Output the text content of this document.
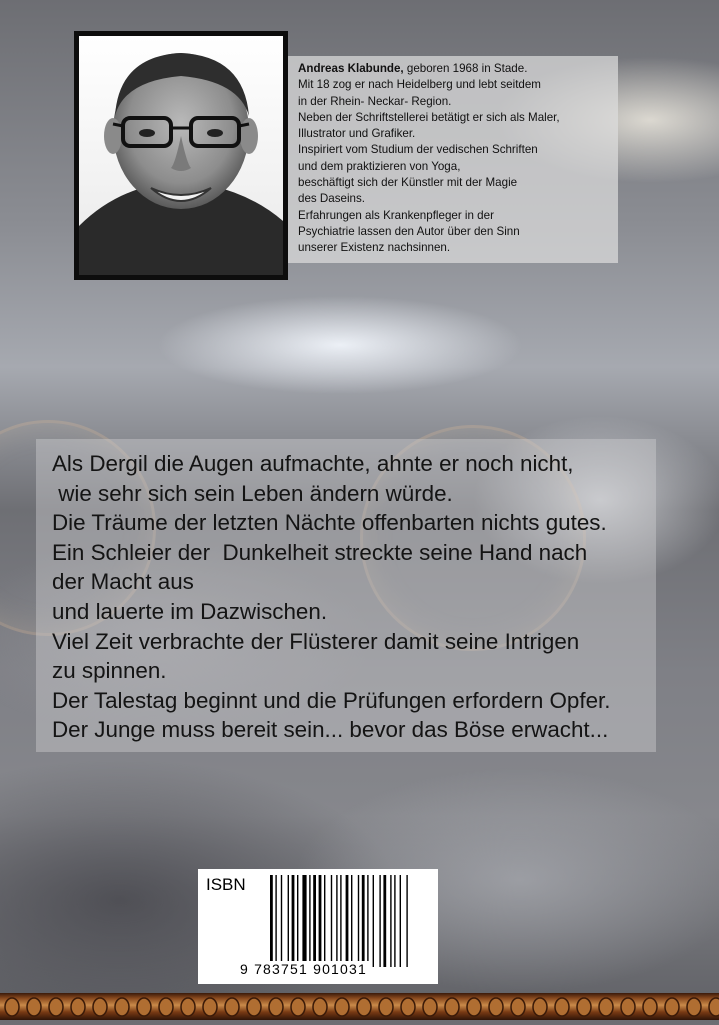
Andreas Klabunde, geboren 1968 in Stade.

Mit 18 zog er nach Heidelberg und lebt seitdem

in der Rhein- Neckar- Region.

Neben der Schriftstellerei betätigt er sich als Maler,

Illustrator und Grafiker.

Inspiriert vom Studium der vedischen Schriften

und dem praktizieren von Yoga,

beschäftigt sich der Künstler mit der Magie

des Daseins.

Erfahrungen als Krankenpfleger in der

Psychiatrie lassen den Autor über den Sinn

unserer Existenz nachsinnen.

Als Dergil die Augen aufmachte, ahnte er noch nicht,

wie sehr sich sein Leben ändern würde.

Die Träume der letzten Nächte offenbarten nichts gutes.

Ein Schleier der  Dunkelheit streckte seine Hand nach

der Macht aus

und lauerte im Dazwischen.

Viel Zeit verbrachte der Flüsterer damit seine Intrigen

zu spinnen.

Der Talestag beginnt und die Prüfungen erfordern Opfer.

Der Junge muss bereit sein... bevor das Böse erwacht...

ISBN
9 783751 901031
